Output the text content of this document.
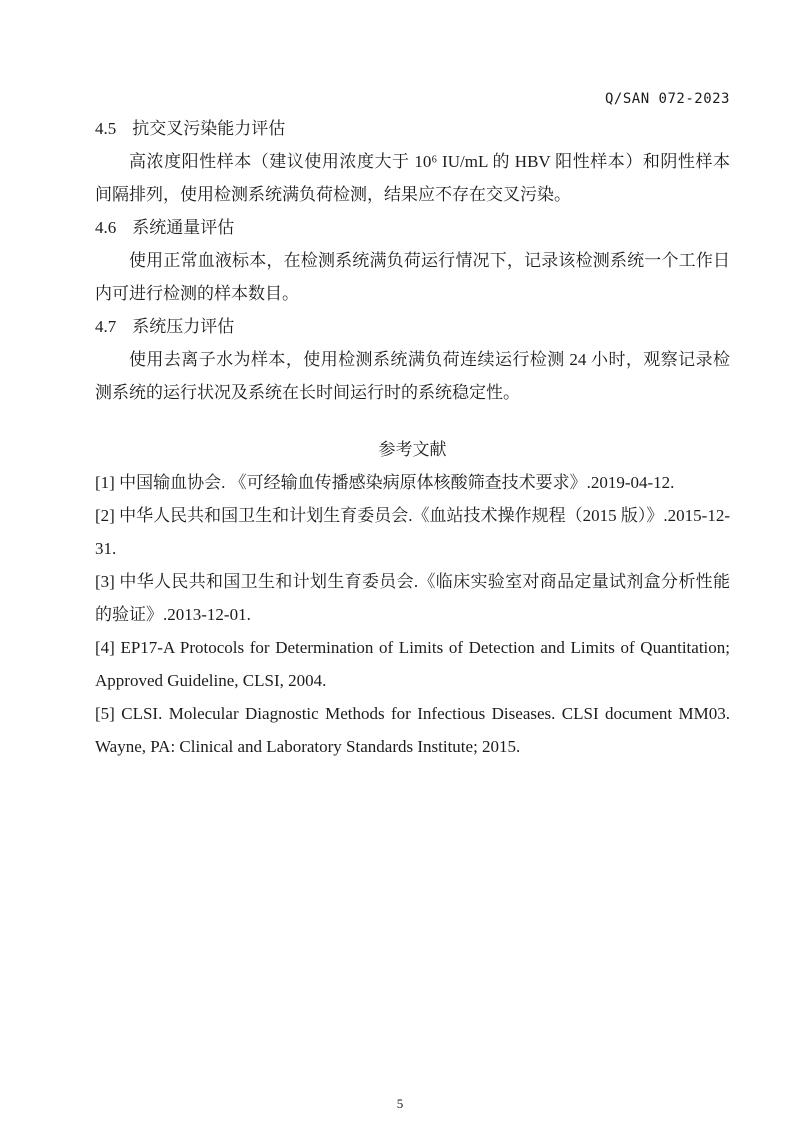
Q/SAN 072-2023
4.5 抗交叉污染能力评估

高浓度阳性样本（建议使用浓度大于 10⁶ IU/mL 的 HBV 阳性样本）和阴性样本间隔排列，使用检测系统满负荷检测，结果应不存在交叉污染。

4.6 系统通量评估

使用正常血液标本，在检测系统满负荷运行情况下，记录该检测系统一个工作日内可进行检测的样本数目。

4.7 系统压力评估

使用去离子水为样本，使用检测系统满负荷连续运行检测 24 小时，观察记录检测系统的运行状况及系统在长时间运行时的系统稳定性。

参考文献

[1] 中国输血协会. 《可经输血传播感染病原体核酸筛查技术要求》.2019-04-12.

[2] 中华人民共和国卫生和计划生育委员会.《血站技术操作规程（2015 版）》.2015-12-31.

[3] 中华人民共和国卫生和计划生育委员会.《临床实验室对商品定量试剂盒分析性能的验证》.2013-12-01.

[4] EP17-A Protocols for Determination of Limits of Detection and Limits of Quantitation; Approved Guideline, CLSI, 2004.

[5] CLSI. Molecular Diagnostic Methods for Infectious Diseases. CLSI document MM03. Wayne, PA: Clinical and Laboratory Standards Institute; 2015.

5
